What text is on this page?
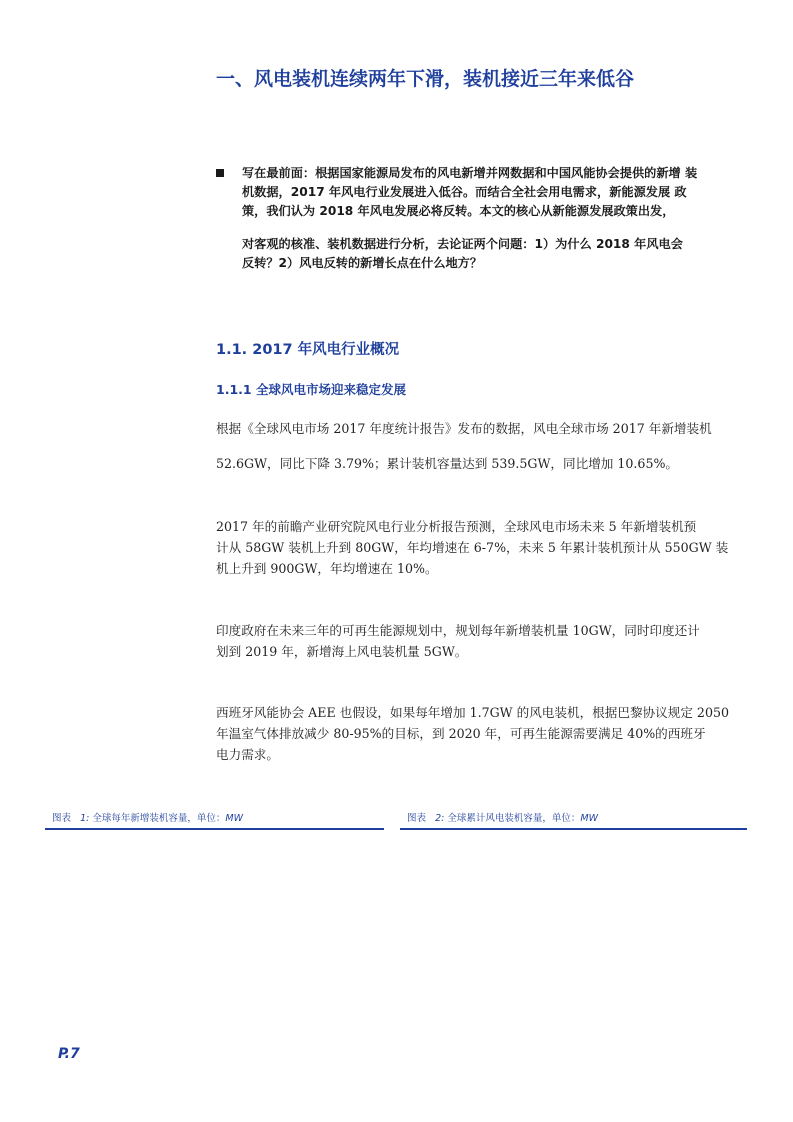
一、风电装机连续两年下滑，装机接近三年来低谷
写在最前面：根据国家能源局发布的风电新增并网数据和中国风能协会提供的新增 装
机数据，2017 年风电行业发展进入低谷。而结合全社会用电需求，新能源发展 政
策，我们认为 2018 年风电发展必将反转。本文的核心从新能源发展政策出发，
对客观的核准、装机数据进行分析，去论证两个问题：1）为什么 2018 年风电会
反转？2）风电反转的新增长点在什么地方？
1.1. 2017 年风电行业概况
1.1.1 全球风电市场迎来稳定发展
根据《全球风电市场 2017 年度统计报告》发布的数据，风电全球市场 2017 年新增装机
52.6GW，同比下降 3.79%；累计装机容量达到 539.5GW，同比增加 10.65%。
2017 年的前瞻产业研究院风电行业分析报告预测，全球风电市场未来 5 年新增装机预
计从 58GW 装机上升到 80GW，年均增速在 6-7%，未来 5 年累计装机预计从 550GW 装
机上升到 900GW，年均增速在 10%。
印度政府在未来三年的可再生能源规划中，规划每年新增装机量 10GW，同时印度还计
划到 2019 年，新增海上风电装机量 5GW。
西班牙风能协会 AEE 也假设，如果每年增加 1.7GW 的风电装机，根据巴黎协议规定 2050
年温室气体排放减少 80-95%的目标，到 2020 年，可再生能源需要满足 40%的西班牙
电力需求。
图表 1: 全球每年新增装机容量，单位：MW	图表 2: 全球累计风电装机容量，单位：MW
P.7
